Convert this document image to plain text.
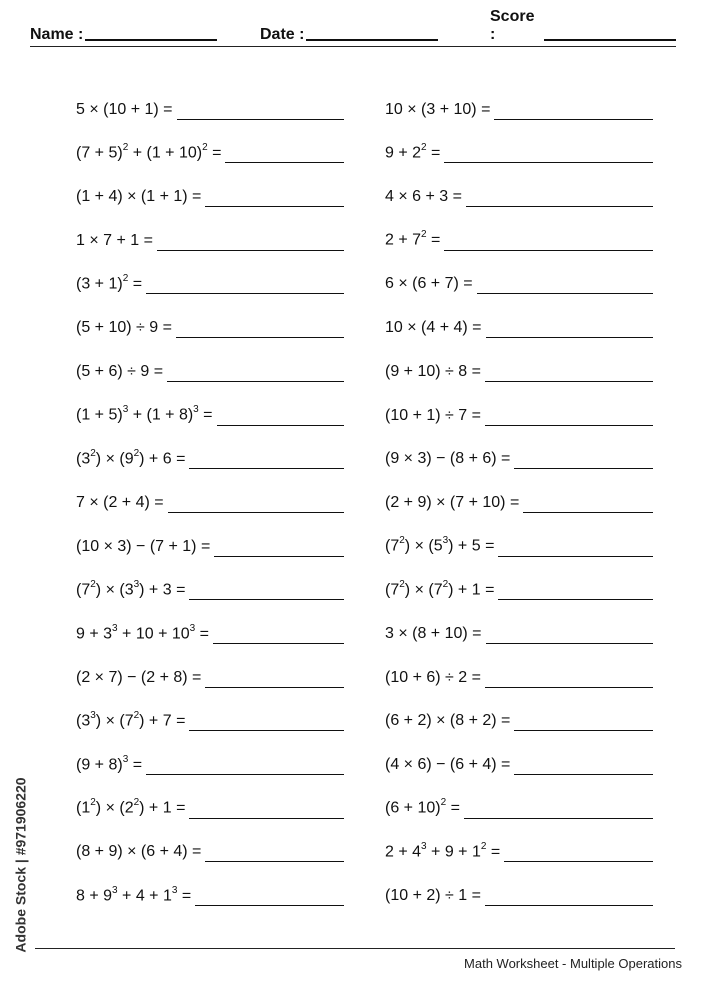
Name :	Date :
Score :
5 × (10 + 1) =
$(7 + 5)^2 + (1 + 10)^2$ =
(1 + 4) × (1 + 1) =
1 × 7 + 1 =
$(3 + 1)^2$ =
(5 + 10) ÷ 9 =
(5 + 6) ÷ 9 =
$(1 + 5)^3 + (1 + 8)^3$ =
$(3^2) \times (9^2) + 6$ =
7 × (2 + 4) =
(10 × 3) − (7 + 1) =
$(7^2) \times (3^3) + 3$ =
$9 + 3^3 + 10 + 10^3$ =
(2 × 7) − (2 + 8) =
$(3^3) \times (7^2) + 7$ =
$(9 + 8)^3$ =
$(1^2) \times (2^2) + 1$ =
(8 + 9) × (6 + 4) =
$8 + 9^3 + 4 + 1^3$ =
10 × (3 + 10) =
$9 + 2^2$ =
4 × 6 + 3 =
$2 + 7^2$ =
6 × (6 + 7) =
10 × (4 + 4) =
(9 + 10) ÷ 8 =
(10 + 1) ÷ 7 =
(9 × 3) − (8 + 6) =
(2 + 9) × (7 + 10) =
$(7^2) \times (5^3) + 5$ =
$(7^2) \times (7^2) + 1$ =
3 × (8 + 10) =
(10 + 6) ÷ 2 =
(6 + 2) × (8 + 2) =
(4 × 6) − (6 + 4) =
$(6 + 10)^2$ =
$2 + 4^3 + 9 + 1^2$ =
(10 + 2) ÷ 1 =
Adobe Stock | #971906220
Math Worksheet - Multiple Operations
